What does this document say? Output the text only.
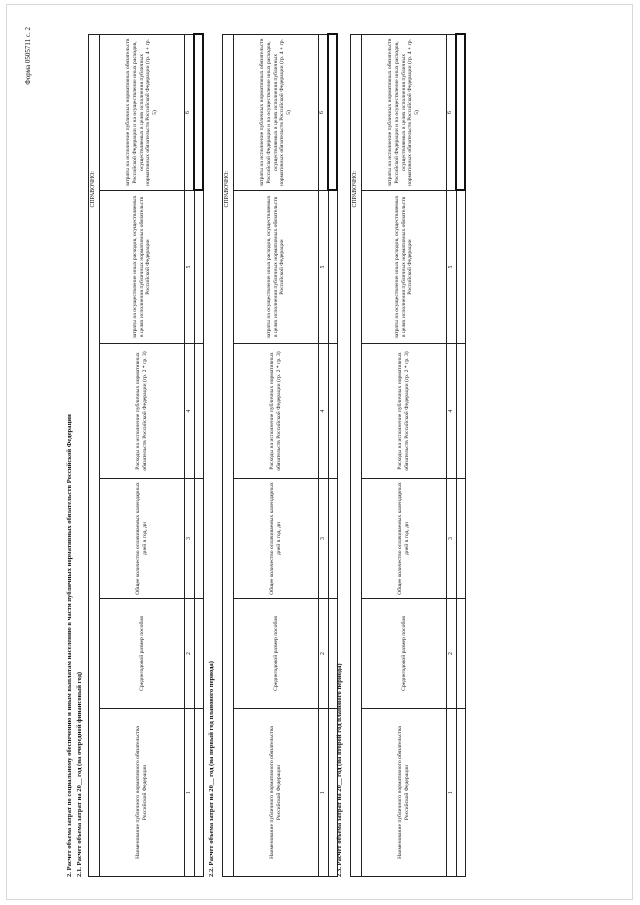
Форма 0505711 с. 2
2. Расчет объема затрат по социальному обеспечению и иным выплатам населению в части публичных нормативных обязательств Российской Федерации 2.1. Расчет объема затрат на 20__ год (на очередной финансовый год)
				СПРАВОЧНО:	
Наименование публичного нормативного обязательства Российской Федерации	Среднегодовой размер пособия	Общее количество оплачиваемых календарных дней в год, дн	Расходы на исполнение публичных нормативных обязательств Российской Федерации (гр. 2 * гр. 3)	затраты на осуществление иных расходов, осуществляемых в целях исполнения публичных нормативных обязательств Российской Федерации	затраты на исполнение публичных нормативных обязательств Российской Федерации и на осуществление иных расходов, осуществляемых в целях исполнения публичных нормативных обязательств Российской Федерации (гр. 4 + гр. 5)
1	2	3	4	5	6

2.2. Расчет объема затрат на 20__ год (на первый год планового периода)
				СПРАВОЧНО:	
Наименование публичного нормативного обязательства Российской Федерации	Среднегодовой размер пособия	Общее количество оплачиваемых календарных дней в год, дн	Расходы на исполнение публичных нормативных обязательств Российской Федерации (гр. 2 * гр. 3)	затраты на осуществление иных расходов, осуществляемых в целях исполнения публичных нормативных обязательств Российской Федерации	затраты на исполнение публичных нормативных обязательств Российской Федерации и на осуществление иных расходов, осуществляемых в целях исполнения публичных нормативных обязательств Российской Федерации (гр. 4 + гр. 5)
1	2	3	4	5	6

2.3. Расчет объема затрат на 20__ год (на второй год планового периода)
				СПРАВОЧНО:	
Наименование публичного нормативного обязательства Российской Федерации	Среднегодовой размер пособия	Общее количество оплачиваемых календарных дней в год, дн	Расходы на исполнение публичных нормативных обязательств Российской Федерации (гр. 2 * гр. 3)	затраты на осуществление иных расходов, осуществляемых в целях исполнения публичных нормативных обязательств Российской Федерации	затраты на исполнение публичных нормативных обязательств Российской Федерации и на осуществление иных расходов, осуществляемых в целях исполнения публичных нормативных обязательств Российской Федерации (гр. 4 + гр. 5)
1	2	3	4	5	6
